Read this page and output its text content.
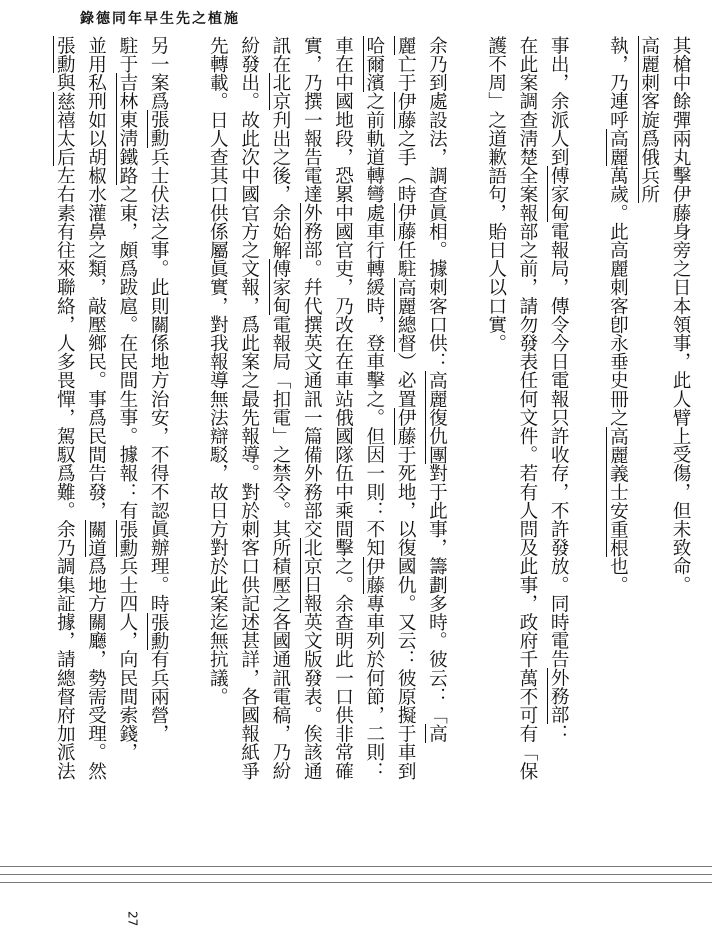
錄德同年早生先之植施
其槍中餘彈兩丸擊伊藤身旁之日本領事，此人臂上受傷，但未致命。
高麗刺客旋爲俄兵所
執，乃連呼高麗萬歲。此高麗刺客卽永垂史冊之高麗義士安重根也。
事出，余派人到傅家甸電報局，傳令今日電報只許收存，不許發放。同時電告外務部：
在此案調查淸楚全案報部之前，請勿發表任何文件。若有人問及此事，政府千萬不可有「保
護不周」之道歉語句，貽日人以口實。
余乃到處設法，調查眞相。據刺客口供：高麗復仇團對于此事，籌劃多時。彼云：「高
麗亡于伊藤之手（時伊藤任駐高麗總督）必置伊藤于死地，以復國仇。又云：彼原擬于車到
哈爾濱之前軌道轉彎處車行轉緩時，登車擊之。但因一則：不知伊藤專車列於何節，二則：
車在中國地段，恐累中國官吏，乃改在在車站俄國隊伍中乘間擊之。余查明此一口供非常確
實，乃撰一報告電達外務部。幷代撰英文通訊一篇備外務部交北京日報英文版發表。俟該通
訊在北京刋出之後，余始解傅家甸電報局「扣電」之禁令。其所積壓之各國通訊電稿，乃紛
紛發出。故此次中國官方之文報，爲此案之最先報導。對於刺客口供記述甚詳，各國報紙爭
先轉載。日人查其口供係屬眞實，對我報導無法辯駁，故日方對於此案迄無抗議。
另一案爲張勳兵士伏法之事。此則關係地方治安，不得不認眞辦理。時張勳有兵兩營，
駐于吉林東淸鐵路之東，頗爲跋扈。在民間生事。據報：有張勳兵士四人，向民間索錢，
並用私刑如以胡椒水灌鼻之類，敲壓鄉民。事爲民間告發，關道爲地方關廳，勢需受理。然
張勳與慈禧太后左右素有往來聯絡，人多畏憚，駕馭爲難。余乃調集証據，請總督府加派法
27
